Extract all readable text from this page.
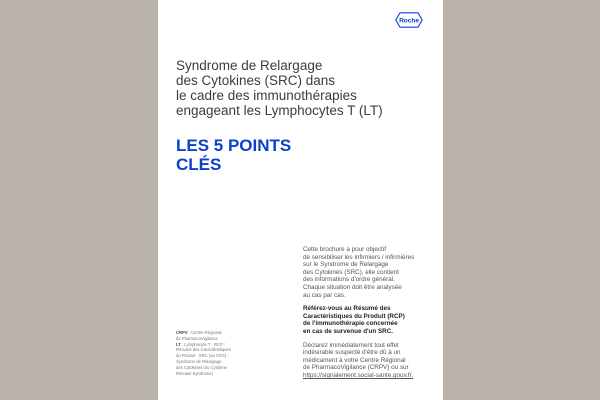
Roche
Syndrome de Relargage
des Cytokines (SRC) dans
le cadre des immunothérapies
engageant les Lymphocytes T (LT)
LES 5 POINTS
CLÉS

Cette brochure a pour objectif
de sensibiliser les infirmiers / infirmières
sur le Syndrome de Relargage
des Cytokines (SRC), elle contient
des informations d'ordre général.
Chaque situation doit être analysée
au cas par cas.

Référez-vous au Résumé des
Caractéristiques du Produit (RCP)
de l'immunothérapie concernée
en cas de survenue d'un SRC.

Déclarez immédiatement tout effet
indésirable suspecté d'être dû à un
médicament à votre Centre Régional
de PharmacoVigilance (CRPV) ou sur
https://signalement.social-sante.gouv.fr.

CRPV : Centre Régional
de PharmacoVigilance
LT : Lymphocyte T · RCP :
Résumé des Caractéristiques
du Produit · SRC (ou CRS) :
Syndrome de Relargage
des Cytokines (ou Cytokine
Release Syndrome)
